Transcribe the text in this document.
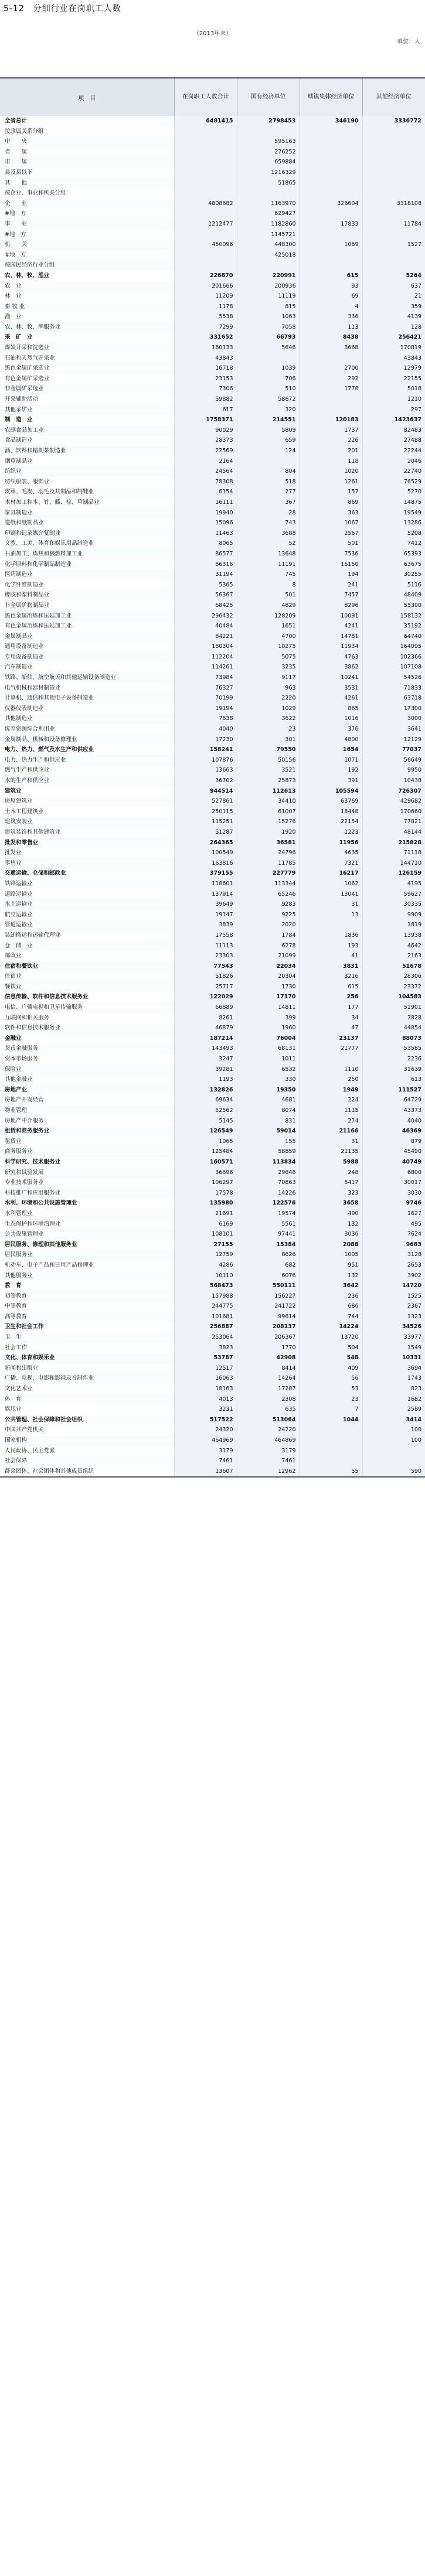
5-12　分细行业在岗职工人数
（2013年末）
单位：人
项　目	在岗职工人数合计	国有经济单位	城镇集体经济单位	其他经济单位
全省总计	6481415	2798453	346190	3336772
按隶属关系分组				
中　　央		595163		
省　　属		276252		
市　　属		659884		
县及县以下		1216329		
其　　他		51865		
按企业、事业和机关分组				
企　　业	4808682	1163970	326604	3318108
#地　方		629427		
事　　业	1212477	1182860	17833	11784
#地　方		1145721		
机　　关	450096	448300	1069	1527
#地　方		425018		
按国民经济行业分组				
农、林、牧、渔业	226870	220991	615	5264
农　业	201666	200936	93	637
林　业	11209	11119	69	21
畜 牧 业	1178	815	4	359
渔　业	5538	1063	336	4139
农、林、牧、渔服务业	7299	7058	113	128
采　矿　业	331652	66793	8438	256421
煤炭开采和洗选业	180133	5646	3668	170819
石油和天然气开采业	43843			43843
黑色金属矿采选业	16718	1039	2700	12979
有色金属矿采选业	23153	706	292	22155
非金属矿采选业	7306	510	1778	5018
开采辅助活动	59882	58672		1210
其他采矿业	617	320		297
制　造　业	1758371	214551	120183	1423637
农副食品加工业	90029	5809	1737	82483
食品制造业	28373	659	226	27488
酒、饮料和精制茶制造业	22569	124	201	22244
烟草制品业	2164		118	2046
纺织业	24564	804	1020	22740
纺织服装、服饰业	78308	518	1261	76529
皮革、毛皮、羽毛及其制品和制鞋业	6154	277	157	5270
木材加工和木、竹、藤、棕、草制品业	16111	367	869	14875
家具制造业	19940	28	363	19549
造纸和纸制品业	15096	743	1067	13286
印刷和记录媒介复制业	11463	3688	2567	5208
文教、工美、体育和娱乐用品制造业	8065	52	501	7412
石油加工、炼焦和核燃料加工业	86577	13648	7536	65393
化学原料和化学制品制造业	86316	11191	15150	63675
医药制造业	31194	745	194	30255
化学纤维制造业	5365	8	241	5116
橡胶和塑料制品业	56367	501	7457	48409
非金属矿物制品业	68425	4829	8296	55300
黑色金属冶炼和压延加工业	296432	128209	10091	158132
有色金属冶炼和压延加工业	40484	1651	4241	35192
金属制品业	84221	4700	14781	64740
通用设备制造业	180304	10275	11934	164095
专用设备制造业	112204	5075	4763	102366
汽车制造业	114261	3235	3862	107108
铁路、船舶、航空航天和其他运输设备制造业	73984	9117	10241	54526
电气机械和器材制造业	76327	963	3531	71833
计算机、通信和其他电子设备制造业	70199	2220	4261	63718
仪器仪表制造业	19194	1029	865	17300
其他制造业	7638	3622	1016	3000
废弃资源综合利用业	4040	23	376	3641
金属制品、机械和设备修理业	17230	301	4800	12129
电力、热力、燃气及水生产和供应业	158241	79550	1654	77037
电力、热力生产和供应业	107876	50156	1071	56649
燃气生产和供应业	13663	3521	192	9950
水的生产和供应业	36702	25873	391	10438
建筑业	944514	112613	105594	726307
房屋建筑业	527861	34410	63769	429682
土木工程建筑业	250115	61007	18448	170660
建筑安装业	115251	15276	22154	77821
建筑装饰和其他建筑业	51287	1920	1223	48144
批发和零售业	264365	36581	11956	215828
批发业	100549	24796	4635	71118
零售业	163816	11785	7321	144710
交通运输、仓储和邮政业	379155	227779	16217	126159
铁路运输业	118601	113344	1062	4195
道路运输业	137914	65246	13041	59627
水上运输业	39649	9283	31	30335
航空运输业	19147	9225	13	9909
管道运输业	3839	2020		1819
装卸搬运和运输代理业	17558	1784	1836	13938
仓　储　业	11113	6278	193	4642
邮政业	23303	21099	41	2163
住宿和餐饮业	77543	22034	3831	51678
住宿业	51826	20304	3216	28306
餐饮业	25717	1730	615	23372
信息传输、软件和信息技术服务业	122029	17170	256	104583
电信、广播电视和卫星传输服务	66889	14811	177	51901
互联网和相关服务	8261	399	34	7828
软件和信息技术服务业	46879	1960	47	44854
金融业	187214	76004	23137	88073
货币金融服务	143493	68131	21777	53585
资本市场服务	3247	1011		2236
保险业	39281	6532	1110	31639
其他金融业	1193	330	250	613
房地产业	132826	19350	1949	111527
房地产开发经营	69634	4681	224	64729
物业管理	52562	8074	1115	43373
房地产中介服务	5145	831	274	4040
租赁和商务服务业	126549	59014	21166	46369
租赁业	1065	155	31	879
商务服务业	125484	58859	21135	45490
科学研究、技术服务业	160571	113834	5988	40749
研究和试验发展	36696	29648	248	6800
专业技术服务业	106297	70863	5417	30017
科技推广和应用服务业	17578	14226	323	3030
水利、环境和公共设施管理业	135980	122576	3658	9746
水利管理业	21691	19574	490	1627
生态保护和环境治理业	6169	5561	132	495
公共设施管理业	108101	97441	3036	7624
居民服务、修理和其他服务业	27155	15384	2088	9683
居民服务业	12759	8626	1005	3128
机动车、电子产品和日用产品修理业	4286	682	951	2653
其他服务业	10110	6076	132	3902
教　育	568473	550111	3642	14720
初等教育	157988	156227	236	1525
中等教育	244775	241722	686	2367
高等教育	101681	99614	744	1323
卫生和社会工作	256887	208137	14224	34526
卫　生	253064	206367	13720	33977
社会工作	3823	1770	504	1549
文化、体育和娱乐业	53787	42908	548	10331
新闻和出版业	12517	8414	409	3694
广播、电视、电影和影视录音制作业	16063	14264	56	1743
文化艺术业	18163	17287	53	823
体　育	4013	2308	23	1682
娱乐业	3231	635	7	2589
公共管理、社会保障和社会组织	517522	513064	1044	3414
中国共产党机关	24320	24220		100
国家机构	464969	464869		100
人民政协、民主党派	3179	3179		
社会保障	7461	7461		
群众团体、社会团体和其他成员组织	13607	12962	55	590
